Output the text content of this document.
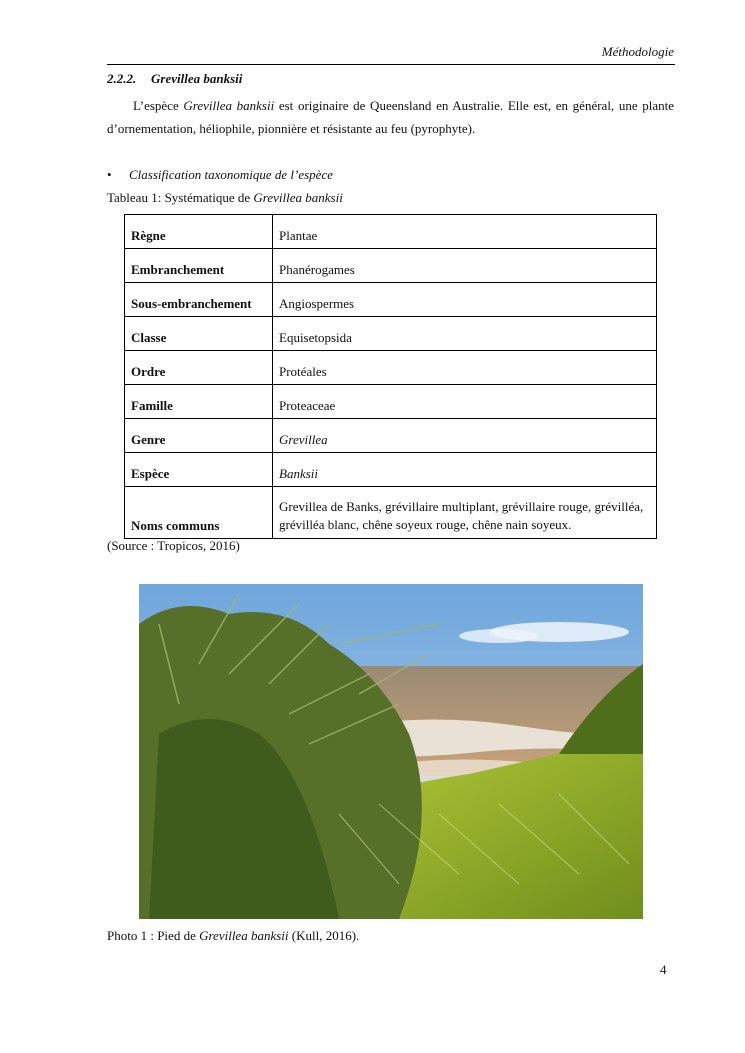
Méthodologie
2.2.2. Grevillea banksii
L’espèce Grevillea banksii est originaire de Queensland en Australie. Elle est, en général, une plante d’ornementation, héliophile, pionnière et résistante au feu (pyrophyte).
• Classification taxonomique de l’espèce
Tableau 1: Systématique de Grevillea banksii
Règne	Plantae
Embranchement	Phanérogames
Sous-embranchement	Angiospermes
Classe	Equisetopsida
Ordre	Protéales
Famille	Proteaceae
Genre	Grevillea
Espèce	Banksii
Noms communs	Grevillea de Banks, grévillaire multiplant, grévillaire rouge, grévilléa, grévilléa blanc, chêne soyeux rouge, chêne nain soyeux.
(Source : Tropicos, 2016)
Photo 1 : Pied de Grevillea banksii (Kull, 2016).
4
